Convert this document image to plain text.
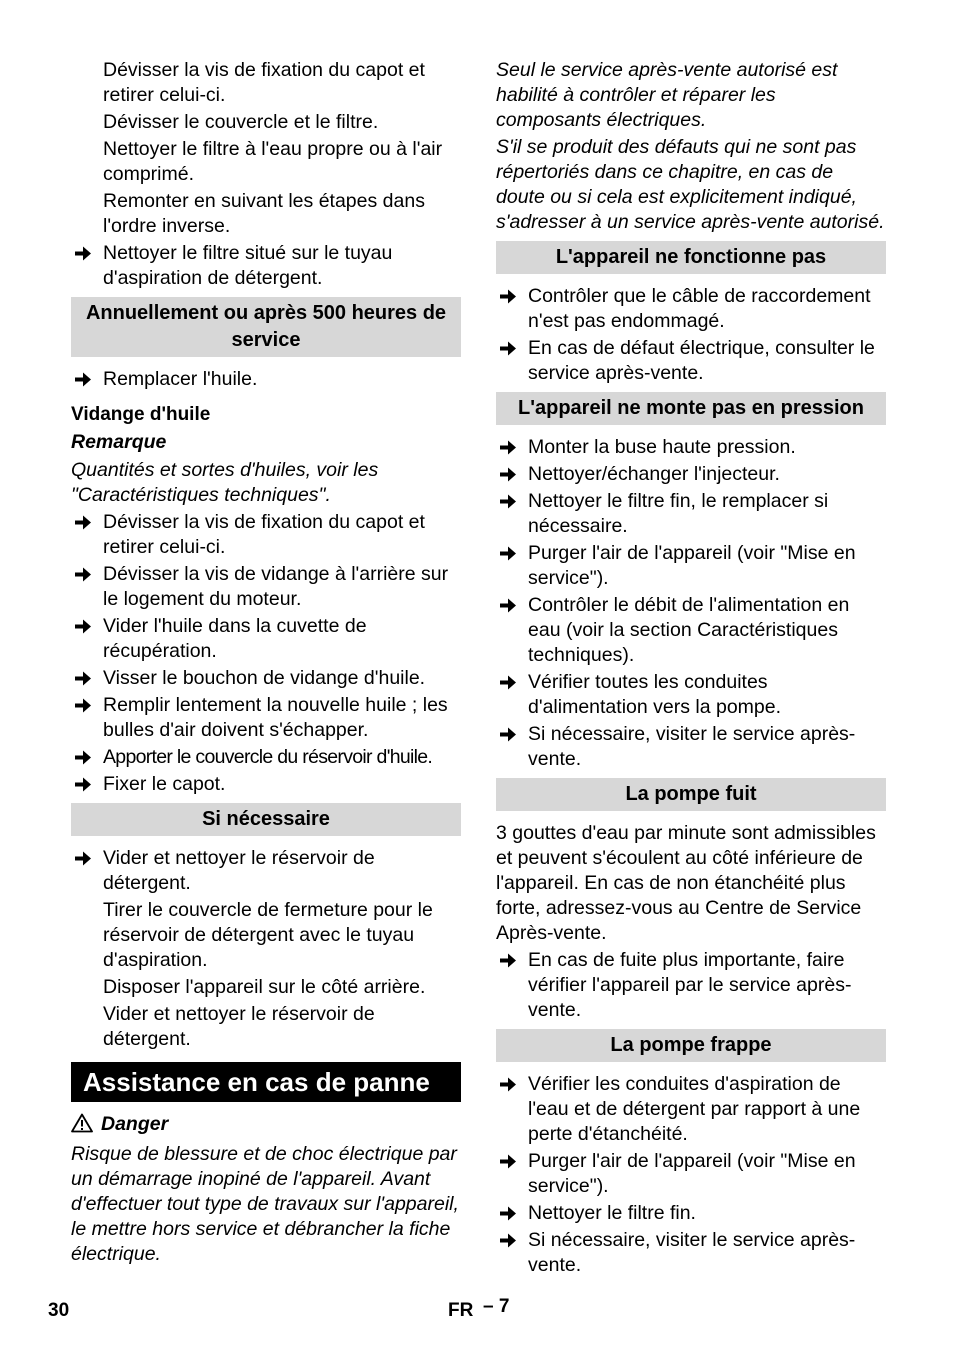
Dévisser la vis de fixation du capot et retirer celui-ci.

Dévisser le couvercle et le filtre.

Nettoyer le filtre à l'eau propre ou à l'air comprimé.

Remonter en suivant les étapes dans l'ordre inverse.

Nettoyer le filtre situé sur le tuyau d'aspiration de détergent.
Annuellement ou après 500 heures de service
Remplacer l'huile.
Vidange d'huile
Remarque

Quantités et sortes d'huiles, voir les "Caractéristiques techniques".

Dévisser la vis de fixation du capot et retirer celui-ci.
Dévisser la vis de vidange à l'arrière sur le logement du moteur.
Vider l'huile dans la cuvette de récupération.
Visser le bouchon de vidange d'huile.
Remplir lentement la nouvelle huile ; les bulles d'air doivent s'échapper.
Apporter le couvercle du réservoir d'huile.
Fixer le capot.
Si nécessaire
Vider et nettoyer le réservoir de détergent.

Tirer le couvercle de fermeture pour le réservoir de détergent avec le tuyau d'aspiration.

Disposer l'appareil sur le côté arrière.

Vider et nettoyer le réservoir de détergent.

Assistance en cas de panne
Danger

Risque de blessure et de choc électrique par un démarrage inopiné de l'appareil. Avant d'effectuer tout type de travaux sur l'appareil, le mettre hors service et débrancher la fiche électrique.

Seul le service après-vente autorisé est habilité à contrôler et réparer les composants électriques.

S'il se produit des défauts qui ne sont pas répertoriés dans ce chapitre, en cas de doute ou si cela est explicitement indiqué, s'adresser à un service après-vente autorisé.

L'appareil ne fonctionne pas
Contrôler que le câble de raccordement n'est pas endommagé.
En cas de défaut électrique, consulter le service après-vente.
L'appareil ne monte pas en pression
Monter la buse haute pression.
Nettoyer/échanger l'injecteur.
Nettoyer le filtre fin, le remplacer si nécessaire.
Purger l'air de l'appareil (voir "Mise en service").
Contrôler le débit de l'alimentation en eau (voir la section Caractéristiques techniques).
Vérifier toutes les conduites d'alimentation vers la pompe.
Si nécessaire, visiter le service après-vente.
La pompe fuit

3 gouttes d'eau par minute sont admissibles et peuvent s'écoulent au côté inférieure de l'appareil. En cas de non étanchéité plus forte, adressez-vous au Centre de Service Après-vente.

En cas de fuite plus importante, faire vérifier l'appareil par le service après-vente.
La pompe frappe
Vérifier les conduites d'aspiration de l'eau et de détergent par rapport à une perte d'étanchéité.
Purger l'air de l'appareil (voir "Mise en service").
Nettoyer le filtre fin.
Si nécessaire, visiter le service après-vente.
30	FR – 7
